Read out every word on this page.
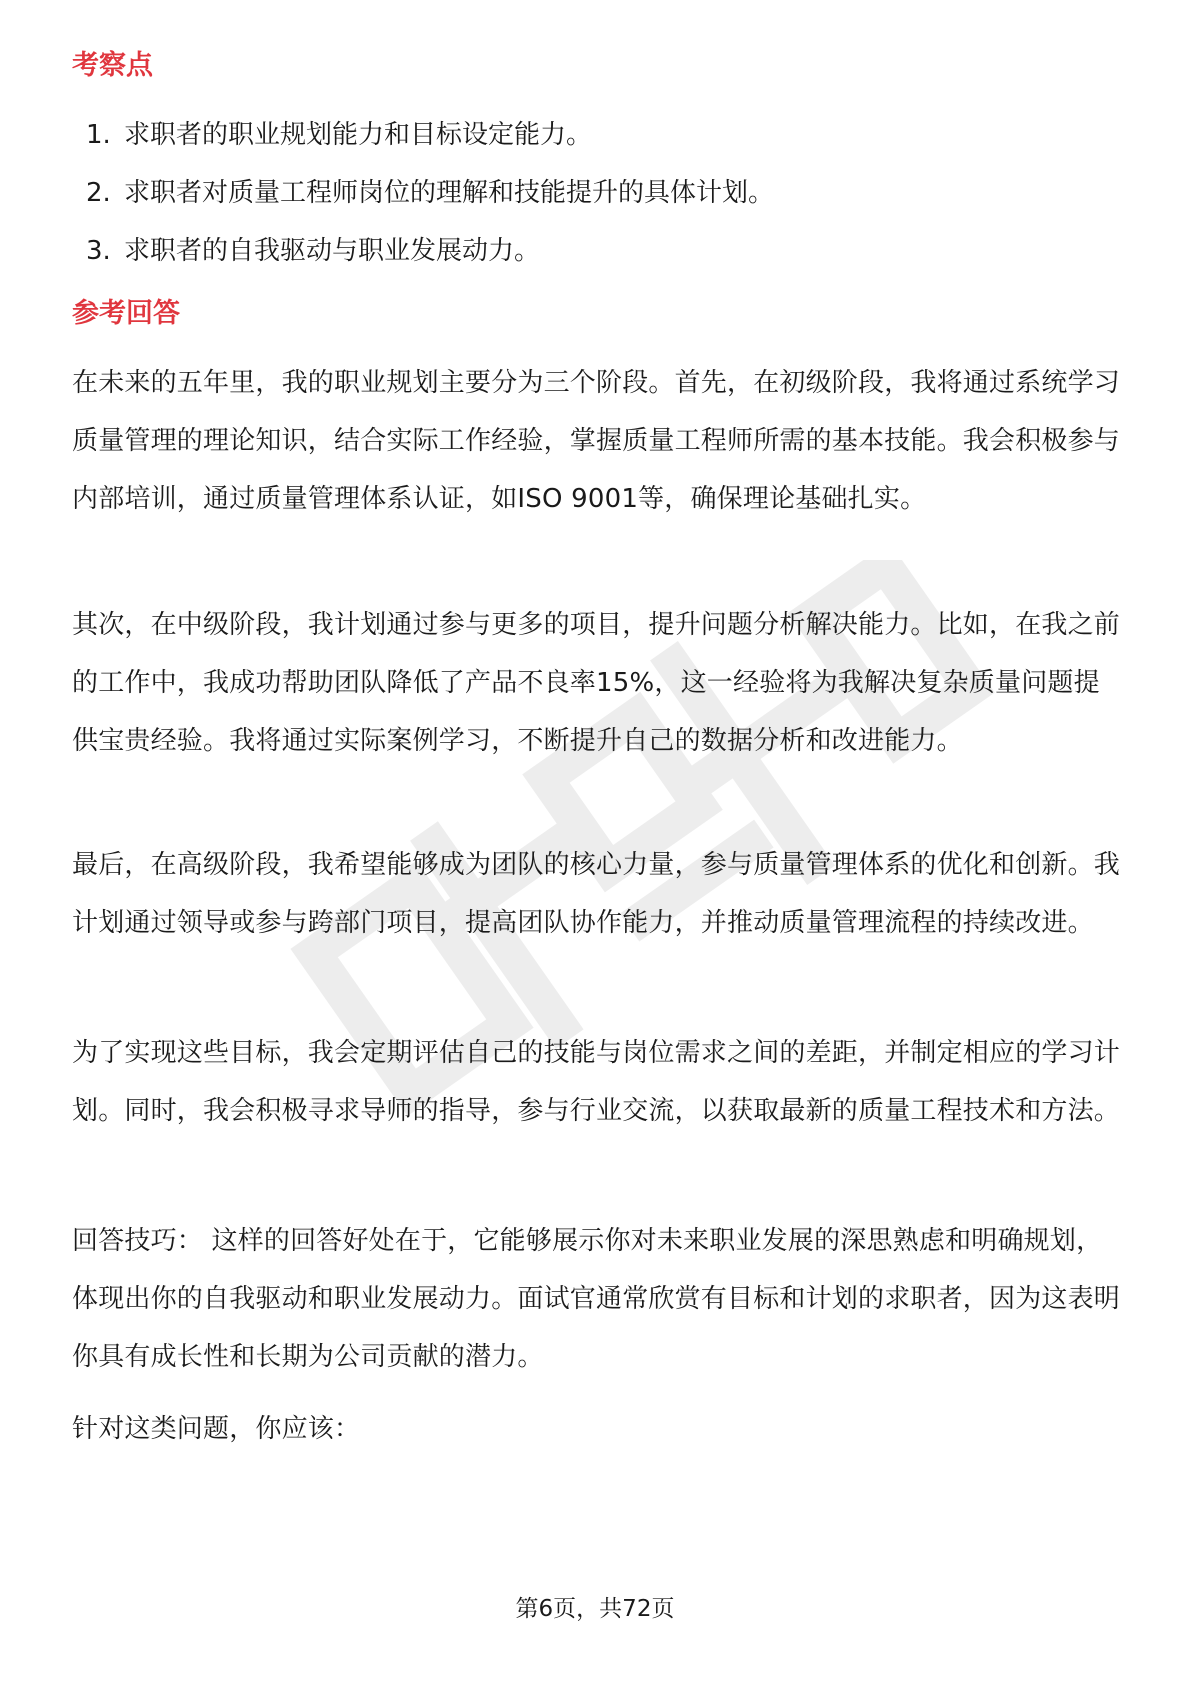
考察点
1. 求职者的职业规划能力和目标设定能力。
2. 求职者对质量工程师岗位的理解和技能提升的具体计划。
3. 求职者的自我驱动与职业发展动力。
参考回答

在未来的五年里，我的职业规划主要分为三个阶段。首先，在初级阶段，我将通过系统学习质量管理的理论知识，结合实际工作经验，掌握质量工程师所需的基本技能。我会积极参与内部培训，通过质量管理体系认证，如ISO 9001等，确保理论基础扎实。

其次，在中级阶段，我计划通过参与更多的项目，提升问题分析解决能力。比如，在我之前的工作中，我成功帮助团队降低了产品不良率15%，这一经验将为我解决复杂质量问题提供宝贵经验。我将通过实际案例学习，不断提升自己的数据分析和改进能力。

最后，在高级阶段，我希望能够成为团队的核心力量，参与质量管理体系的优化和创新。我计划通过领导或参与跨部门项目，提高团队协作能力，并推动质量管理流程的持续改进。

为了实现这些目标，我会定期评估自己的技能与岗位需求之间的差距，并制定相应的学习计划。同时，我会积极寻求导师的指导，参与行业交流，以获取最新的质量工程技术和方法。

回答技巧： 这样的回答好处在于，它能够展示你对未来职业发展的深思熟虑和明确规划，体现出你的自我驱动和职业发展动力。面试官通常欣赏有目标和计划的求职者，因为这表明你具有成长性和长期为公司贡献的潜力。

针对这类问题，你应该：

第6页，共72页
